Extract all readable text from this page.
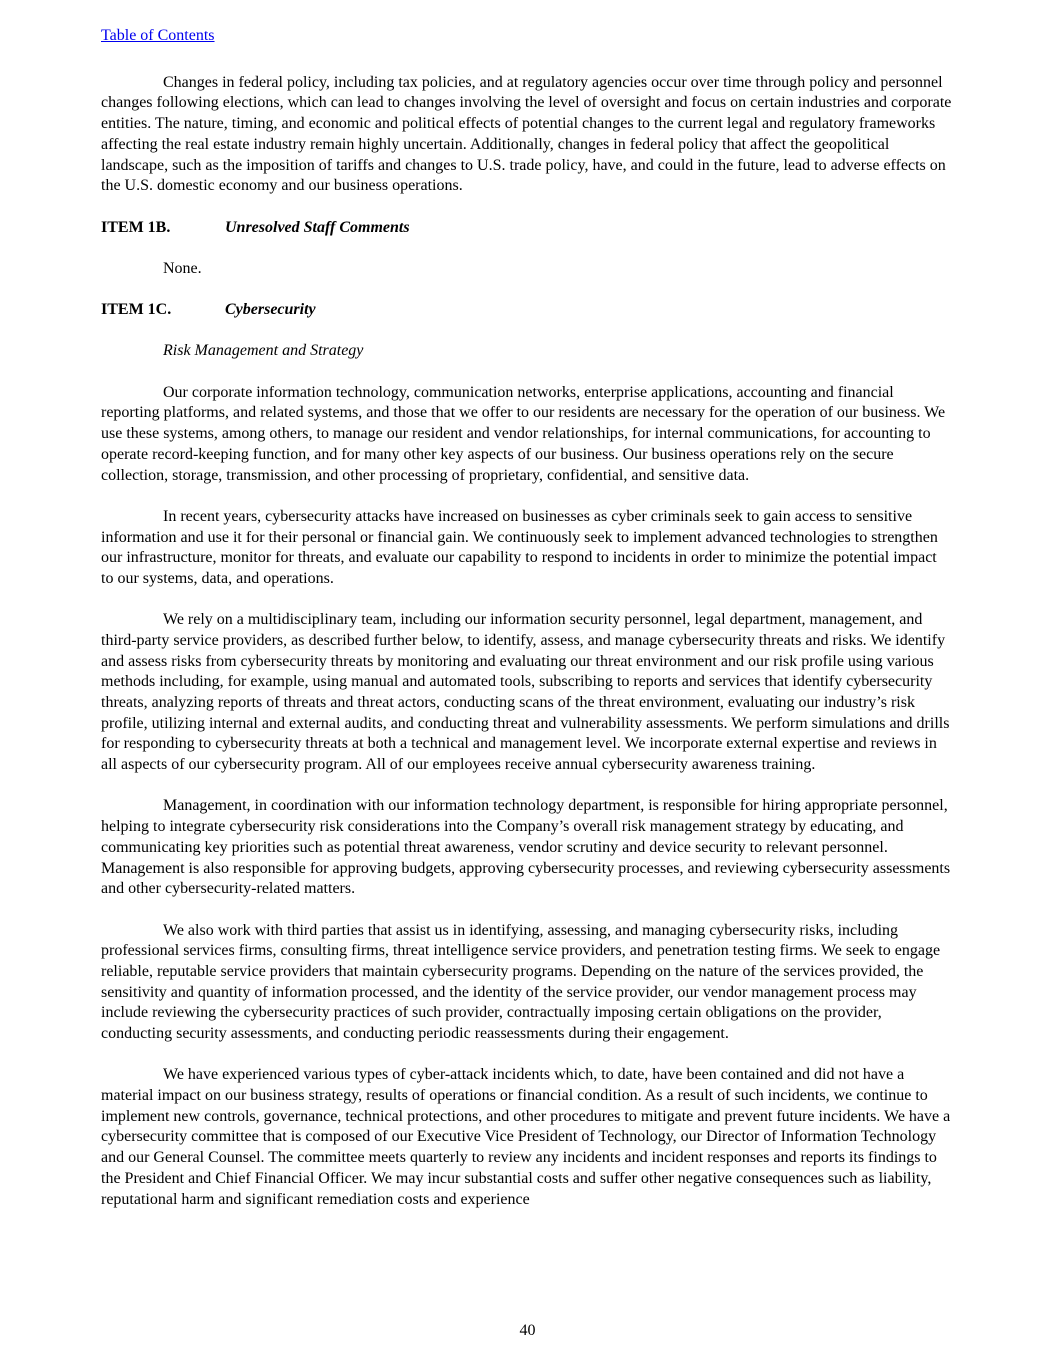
Table of Contents

Changes in federal policy, including tax policies, and at regulatory agencies occur over time through policy and personnel changes following elections, which can lead to changes involving the level of oversight and focus on certain industries and corporate entities. The nature, timing, and economic and political effects of potential changes to the current legal and regulatory frameworks affecting the real estate industry remain highly uncertain. Additionally, changes in federal policy that affect the geopolitical landscape, such as the imposition of tariffs and changes to U.S. trade policy, have, and could in the future, lead to adverse effects on the U.S. domestic economy and our business operations.

ITEM 1B.	Unresolved Staff Comments
None.
ITEM 1C.	Cybersecurity
Risk Management and Strategy

Our corporate information technology, communication networks, enterprise applications, accounting and financial reporting platforms, and related systems, and those that we offer to our residents are necessary for the operation of our business. We use these systems, among others, to manage our resident and vendor relationships, for internal communications, for accounting to operate record-keeping function, and for many other key aspects of our business. Our business operations rely on the secure collection, storage, transmission, and other processing of proprietary, confidential, and sensitive data.

In recent years, cybersecurity attacks have increased on businesses as cyber criminals seek to gain access to sensitive information and use it for their personal or financial gain. We continuously seek to implement advanced technologies to strengthen our infrastructure, monitor for threats, and evaluate our capability to respond to incidents in order to minimize the potential impact to our systems, data, and operations.

We rely on a multidisciplinary team, including our information security personnel, legal department, management, and third-party service providers, as described further below, to identify, assess, and manage cybersecurity threats and risks. We identify and assess risks from cybersecurity threats by monitoring and evaluating our threat environment and our risk profile using various methods including, for example, using manual and automated tools, subscribing to reports and services that identify cybersecurity threats, analyzing reports of threats and threat actors, conducting scans of the threat environment, evaluating our industry’s risk profile, utilizing internal and external audits, and conducting threat and vulnerability assessments. We perform simulations and drills for responding to cybersecurity threats at both a technical and management level. We incorporate external expertise and reviews in all aspects of our cybersecurity program. All of our employees receive annual cybersecurity awareness training.

Management, in coordination with our information technology department, is responsible for hiring appropriate personnel, helping to integrate cybersecurity risk considerations into the Company’s overall risk management strategy by educating, and communicating key priorities such as potential threat awareness, vendor scrutiny and device security to relevant personnel. Management is also responsible for approving budgets, approving cybersecurity processes, and reviewing cybersecurity assessments and other cybersecurity-related matters.

We also work with third parties that assist us in identifying, assessing, and managing cybersecurity risks, including professional services firms, consulting firms, threat intelligence service providers, and penetration testing firms. We seek to engage reliable, reputable service providers that maintain cybersecurity programs. Depending on the nature of the services provided, the sensitivity and quantity of information processed, and the identity of the service provider, our vendor management process may include reviewing the cybersecurity practices of such provider, contractually imposing certain obligations on the provider, conducting security assessments, and conducting periodic reassessments during their engagement.

We have experienced various types of cyber-attack incidents which, to date, have been contained and did not have a material impact on our business strategy, results of operations or financial condition. As a result of such incidents, we continue to implement new controls, governance, technical protections, and other procedures to mitigate and prevent future incidents. We have a cybersecurity committee that is composed of our Executive Vice President of Technology, our Director of Information Technology and our General Counsel. The committee meets quarterly to review any incidents and incident responses and reports its findings to the President and Chief Financial Officer. We may incur substantial costs and suffer other negative consequences such as liability, reputational harm and significant remediation costs and experience

40
